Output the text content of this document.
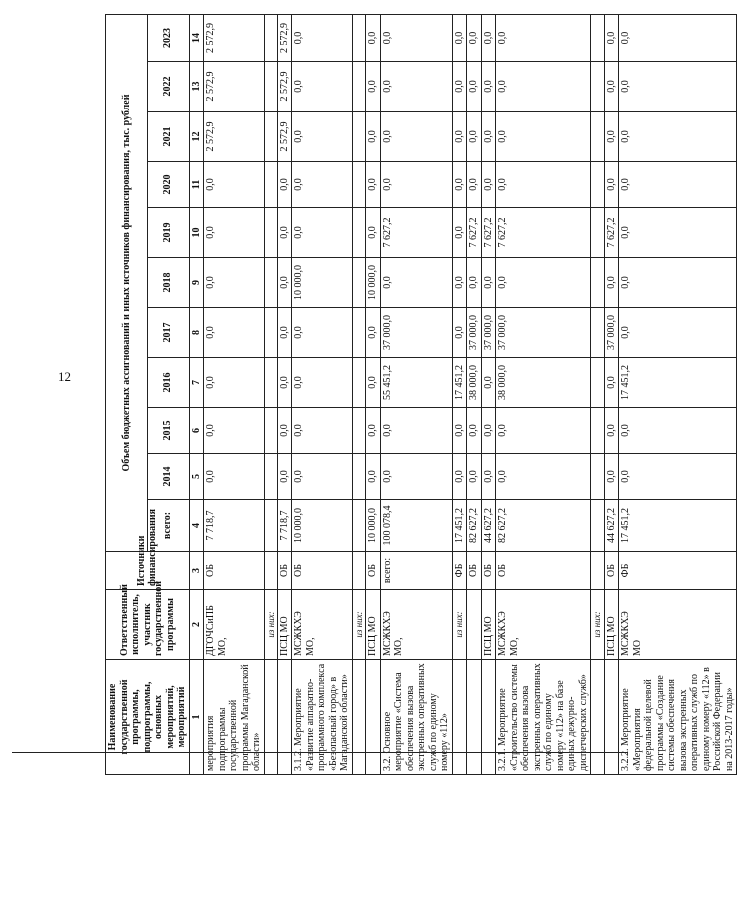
12
Наименование государственной программы, подпрограммы, основных мероприятий, мероприятий	Ответственный исполнитель, участник государственной программы	Источники финансирования	Объем бюджетных ассигнований и иных источников финансирования, тыс. рублей										
			всего:	2014	2015	2016	2017	2018	2019	2020	2021	2022	2023
1	2	3	4	5	6	7	8	9	10	11	12	13	14
мероприятия подпрограммы государственной программы Магаданской области»	ДГОЧСиПБ МО,	ОБ	7 718,7	0,0	0,0	0,0	0,0	0,0	0,0	0,0	2 572,9	2 572,9	2 572,9
	из них:												
	ПСЦ МО	ОБ	7 718,7	0,0	0,0	0,0	0,0	0,0	0,0	0,0	2 572,9	2 572,9	2 572,9
3.1.2. Мероприятие «Развитие аппаратно-программного комплекса «Безопасный город» в Магаданской области»	МСЖКХЭ МО,	ОБ	10 000,0	0,0	0,0	0,0	0,0	10 000,0	0,0	0,0	0,0	0,0	0,0
	из них:												
	ПСЦ МО	ОБ	10 000,0	0,0	0,0	0,0	0,0	10 000,0	0,0	0,0	0,0	0,0	0,0
3.2. Основное мероприятие «Система обеспечения вызова экстренных оперативных служб по единому номеру «112»	МСЖКХЭ МО,	всего:	100 078,4	0,0	0,0	55 451,2	37 000,0	0,0	7 627,2	0,0	0,0	0,0	0,0
	из них:	ФБ	17 451,2	0,0	0,0	17 451,2	0,0	0,0	0,0	0,0	0,0	0,0	0,0
		ОБ	82 627,2	0,0	0,0	38 000,0	37 000,0	0,0	7 627,2	0,0	0,0	0,0	0,0
	ПСЦ МО	ОБ	44 627,2	0,0	0,0	0,0	37 000,0	0,0	7 627,2	0,0	0,0	0,0	0,0
3.2.1. Мероприятие «Строительство системы обеспечения вызова экстренных оперативных служб по единому номеру «112» на базе единых дежурно-диспетчерских служб»	МСЖКХЭ МО,	ОБ	82 627,2	0,0	0,0	38 000,0	37 000,0	0,0	7 627,2	0,0	0,0	0,0	0,0
	из них:												
	ПСЦ МО	ОБ	44 627,2	0,0	0,0	0,0	37 000,0	0,0	7 627,2	0,0	0,0	0,0	0,0
3.2.2. Мероприятие «Мероприятия федеральной целевой программы «Создание системы обеспечения вызова экстренных оперативных служб по единому номеру «112» в Российской Федерации на 2013-2017 годы»	МСЖКХЭ МО	ФБ	17 451,2	0,0	0,0	17 451,2	0,0	0,0	0,0	0,0	0,0	0,0	0,0
